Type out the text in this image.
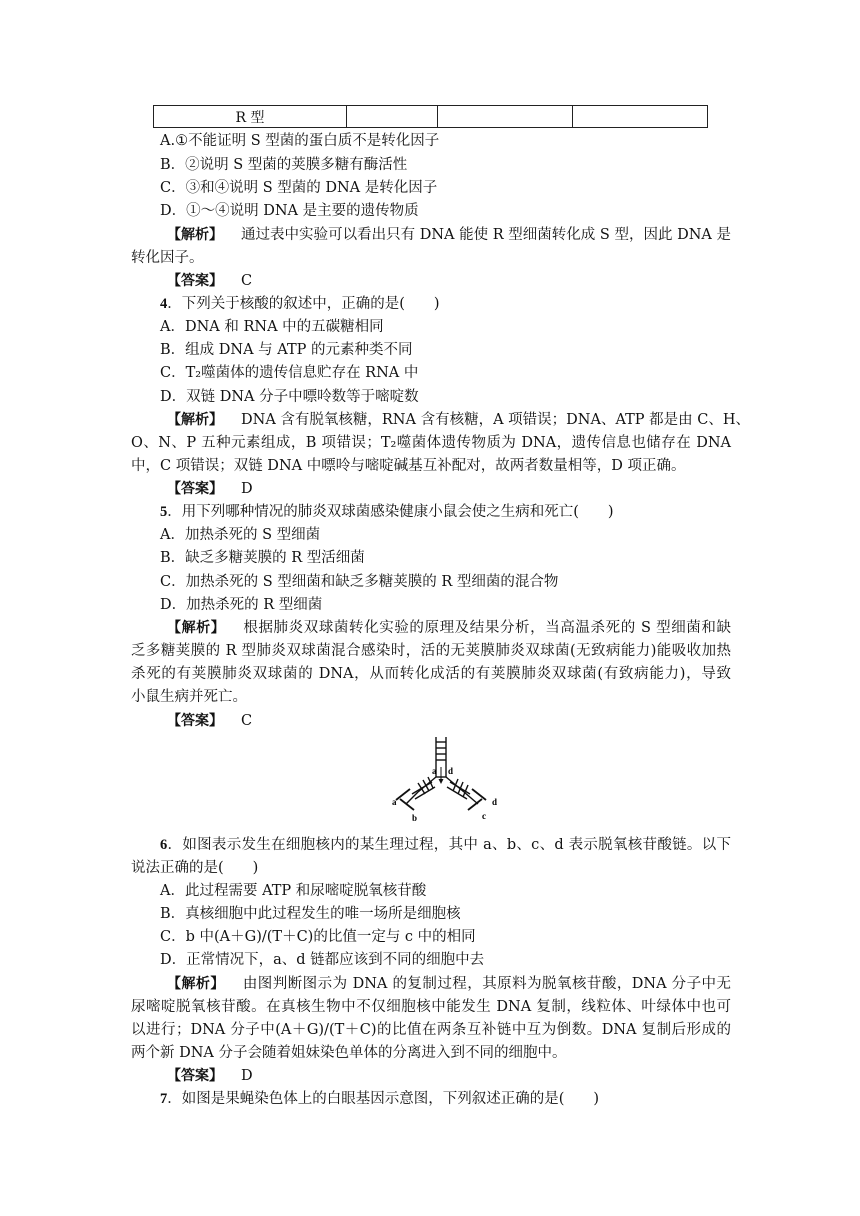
R 型			
A.①不能证明 S 型菌的蛋白质不是转化因子
B．②说明 S 型菌的荚膜多糖有酶活性
C．③和④说明 S 型菌的 DNA 是转化因子
D．①～④说明 DNA 是主要的遗传物质
【解析】 通过表中实验可以看出只有 DNA 能使 R 型细菌转化成 S 型，因此 DNA 是
转化因子。
【答案】 C
4．下列关于核酸的叙述中，正确的是(　　)
A．DNA 和 RNA 中的五碳糖相同
B．组成 DNA 与 ATP 的元素种类不同
C．T₂噬菌体的遗传信息贮存在 RNA 中
D．双链 DNA 分子中嘌呤数等于嘧啶数
【解析】 DNA 含有脱氧核糖，RNA 含有核糖，A 项错误；DNA、ATP 都是由 C、H、
O、N、P 五种元素组成，B 项错误；T₂噬菌体遗传物质为 DNA，遗传信息也储存在 DNA
中，C 项错误；双链 DNA 中嘌呤与嘧啶碱基互补配对，故两者数量相等，D 项正确。
【答案】 D
5．用下列哪种情况的肺炎双球菌感染健康小鼠会使之生病和死亡(　　)
A．加热杀死的 S 型细菌
B．缺乏多糖荚膜的 R 型活细菌
C．加热杀死的 S 型细菌和缺乏多糖荚膜的 R 型细菌的混合物
D．加热杀死的 R 型细菌
【解析】 根据肺炎双球菌转化实验的原理及结果分析，当高温杀死的 S 型细菌和缺
乏多糖荚膜的 R 型肺炎双球菌混合感染时，活的无荚膜肺炎双球菌(无致病能力)能吸收加热
杀死的有荚膜肺炎双球菌的 DNA，从而转化成活的有荚膜肺炎双球菌(有致病能力)，导致
小鼠生病并死亡。
【答案】 C
a d
a
b	c
d
6．如图表示发生在细胞核内的某生理过程，其中 a、b、c、d 表示脱氧核苷酸链。以下
说法正确的是(　　)
A．此过程需要 ATP 和尿嘧啶脱氧核苷酸
B．真核细胞中此过程发生的唯一场所是细胞核
C．b 中(A＋G)/(T＋C)的比值一定与 c 中的相同
D．正常情况下，a、d 链都应该到不同的细胞中去
【解析】 由图判断图示为 DNA 的复制过程，其原料为脱氧核苷酸，DNA 分子中无
尿嘧啶脱氧核苷酸。在真核生物中不仅细胞核中能发生 DNA 复制，线粒体、叶绿体中也可
以进行；DNA 分子中(A＋G)/(T＋C)的比值在两条互补链中互为倒数。DNA 复制后形成的
两个新 DNA 分子会随着姐妹染色单体的分离进入到不同的细胞中。
【答案】 D
7．如图是果蝇染色体上的白眼基因示意图，下列叙述正确的是(　　)
